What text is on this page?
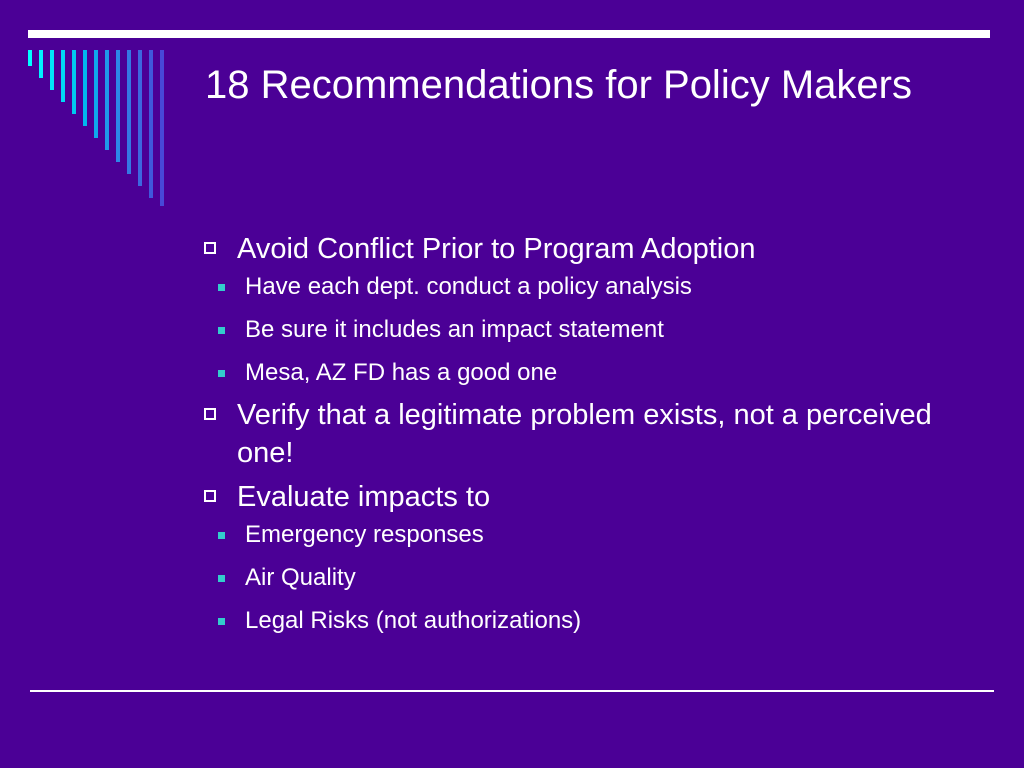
18 Recommendations for Policy Makers
Avoid Conflict Prior to Program Adoption
Have each dept. conduct a policy analysis
Be sure it includes an impact statement
Mesa, AZ FD has a good one
Verify that a legitimate problem exists, not a perceived one!
Evaluate impacts to
Emergency responses
Air Quality
Legal Risks (not authorizations)
